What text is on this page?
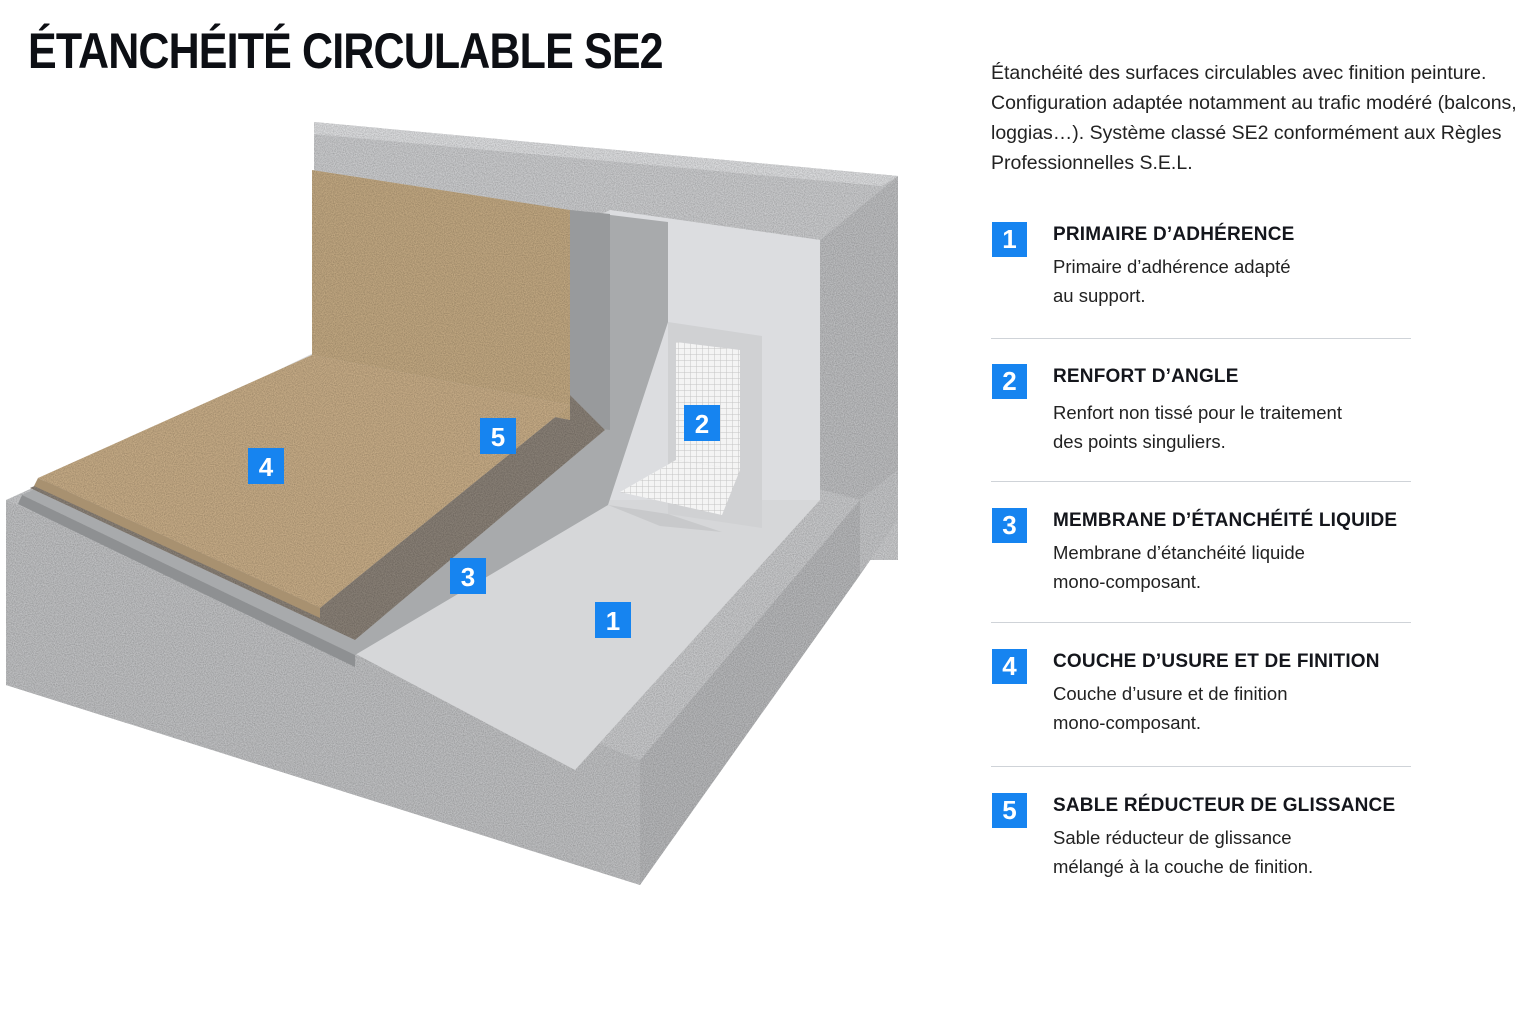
ÉTANCHÉITÉ CIRCULABLE SE2
4
5	2
3
1

Étanchéité des surfaces circulables avec finition peinture. Configuration adaptée notamment au trafic modéré (balcons, loggias…). Système classé SE2 conformément aux Règles Professionnelles S.E.L.

1	PRIMAIRE D’ADHÉRENCE
Primaire d’adhérence adapté au support.
2	RENFORT D’ANGLE
Renfort non tissé pour le traitement des points singuliers.
3	MEMBRANE D’ÉTANCHÉITÉ LIQUIDE
Membrane d’étanchéité liquide mono-composant.
4	COUCHE D’USURE ET DE FINITION
Couche d’usure et de finition mono-composant.
5	SABLE RÉDUCTEUR DE GLISSANCE
Sable réducteur de glissance mélangé à la couche de finition.
